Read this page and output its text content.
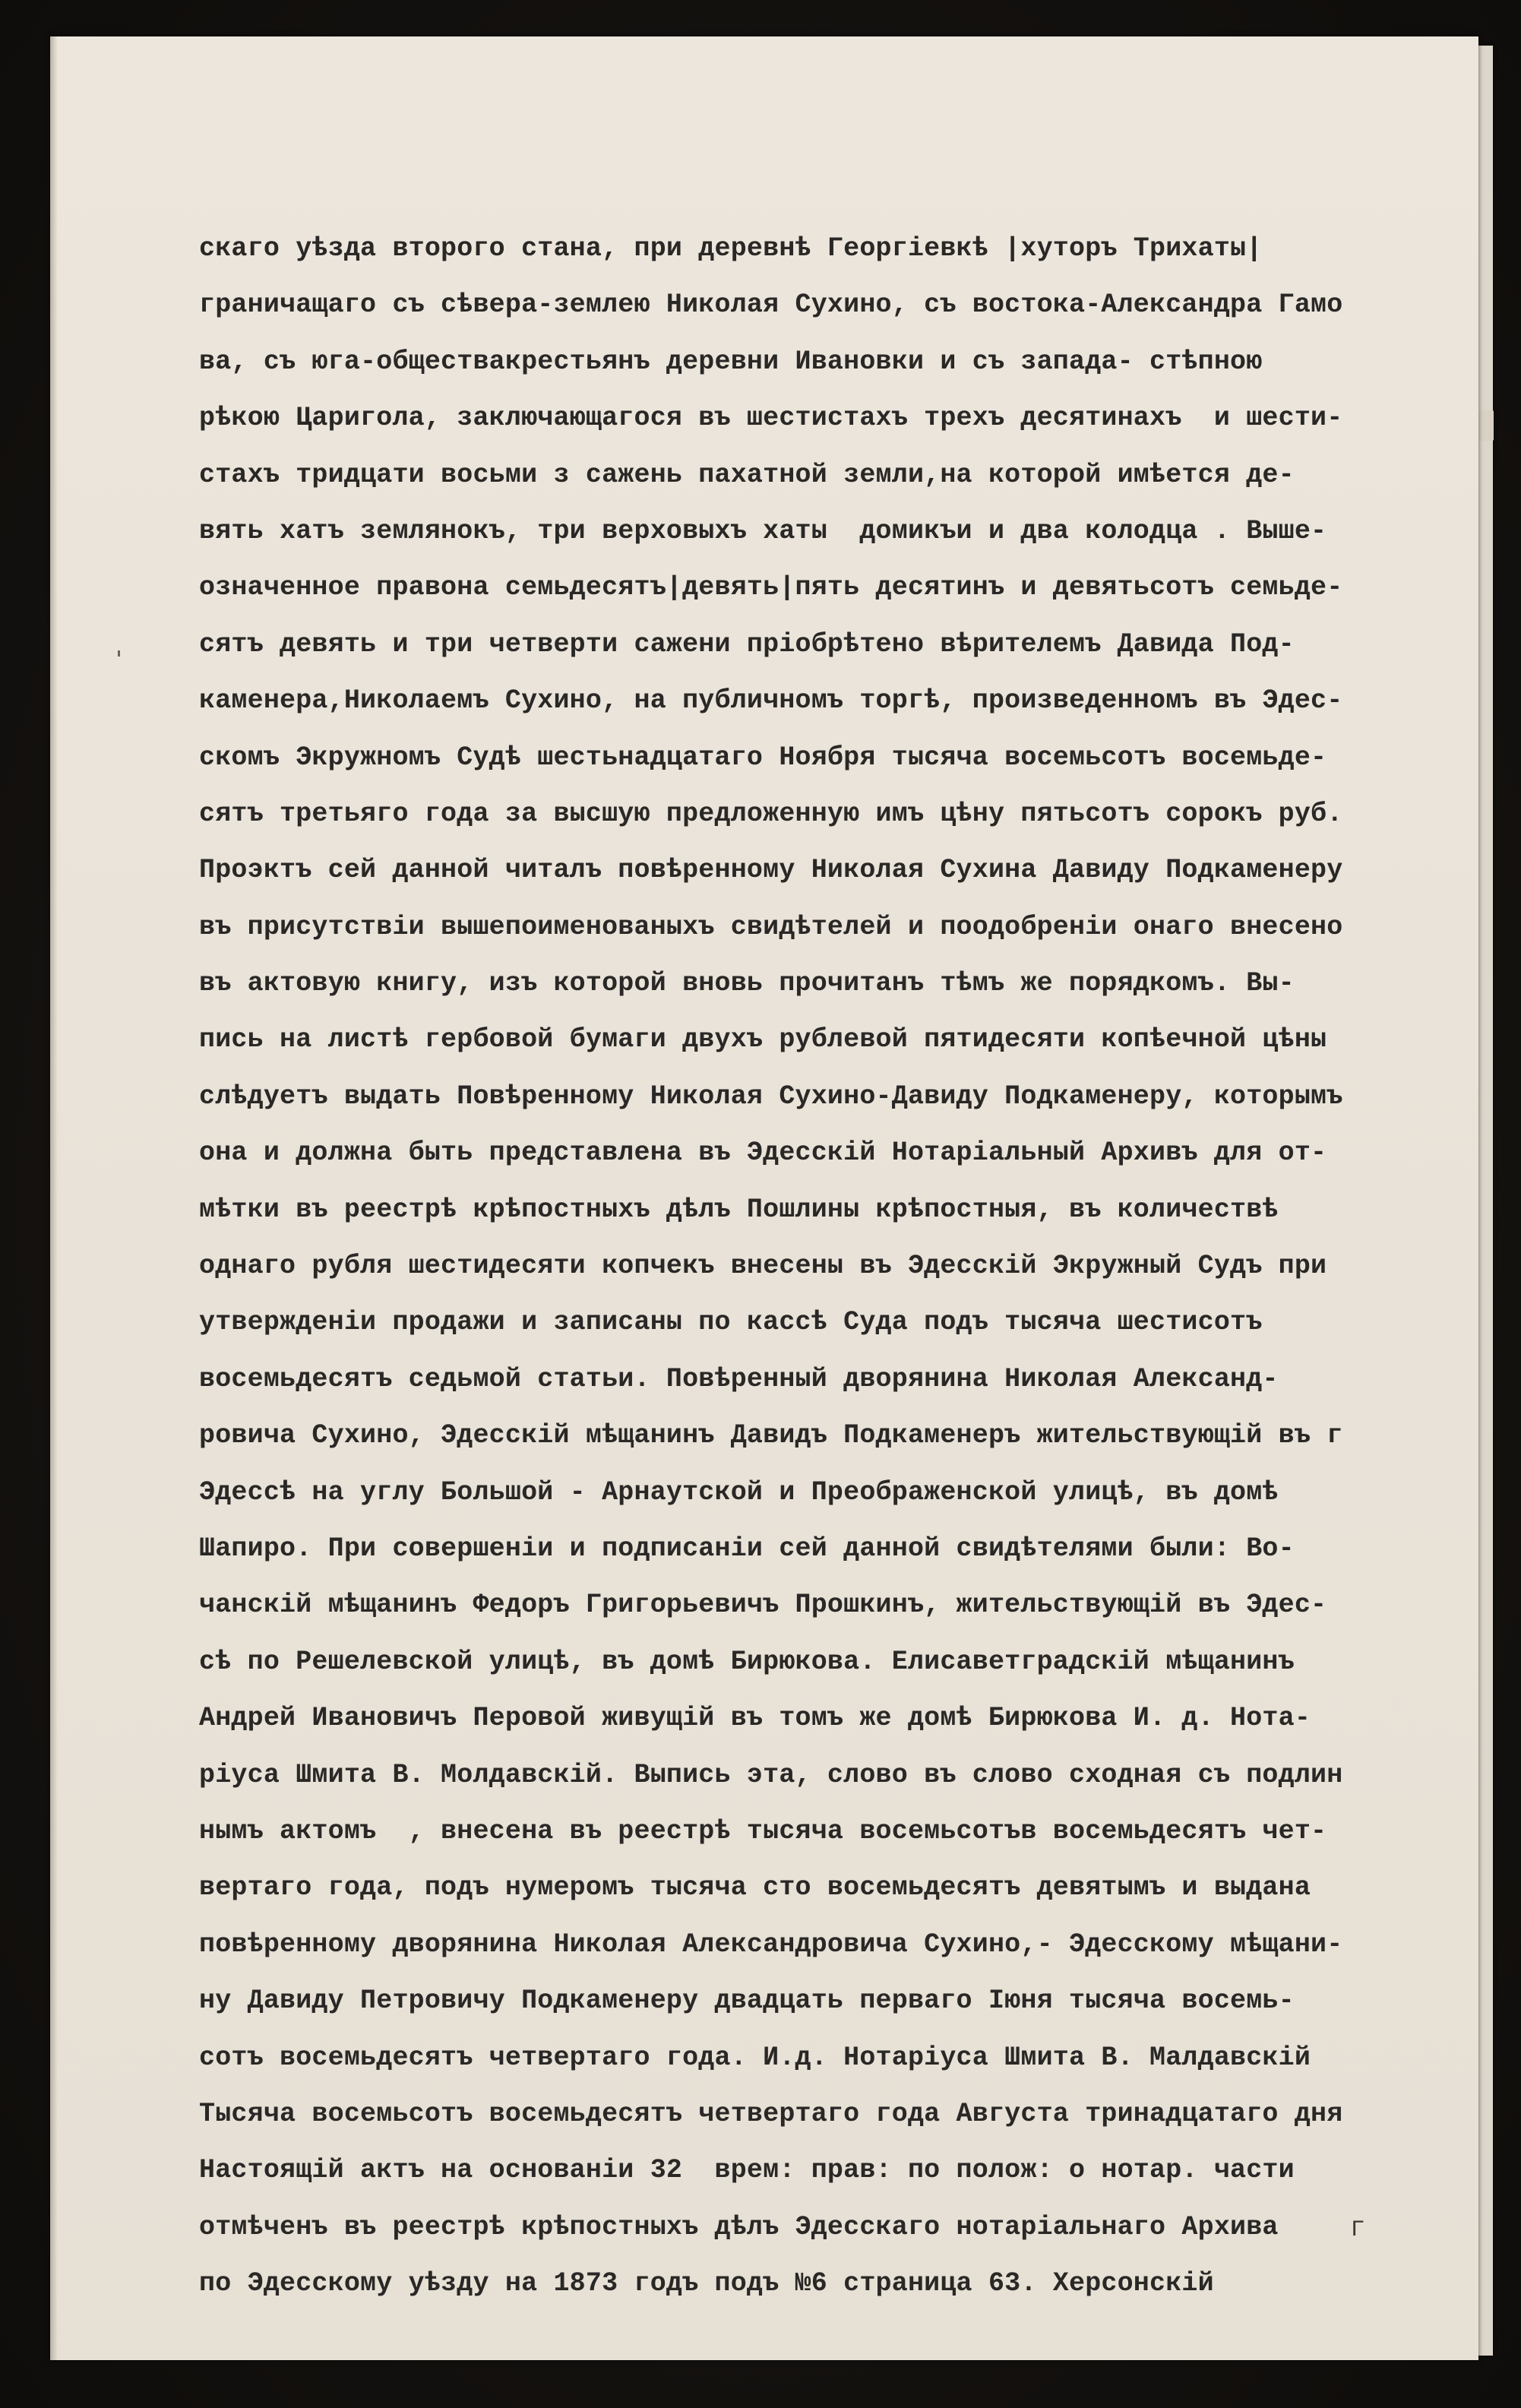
скаго уѣзда второго стана, при деревнѣ Георгіевкѣ |хуторъ Трихаты|
граничащаго съ сѣвера-землею Николая Сухино, съ востока-Александра Гамо
ва, съ юга-обществакрестьянъ деревни Ивановки и съ запада- стѣпною
рѣкою Царигола, заключающагося въ шестистахъ трехъ десятинахъ  и шести-
стахъ тридцати восьми з сажень пахатной земли,на которой имѣется де-
вять хатъ землянокъ, три верховыхъ хаты  домикъи и два колодца . Выше-
означенное правона семьдесятъ|девять|пять десятинъ и девятьсотъ семьде-
сятъ девять и три четверти сажени пріобрѣтено вѣрителемъ Давида Под-
каменера,Николаемъ Сухино, на публичномъ торгѣ, произведенномъ въ Эдес-
скомъ Экружномъ Судѣ шестьнадцатаго Ноября тысяча восемьсотъ восемьде-
сятъ третьяго года за высшую предложенную имъ цѣну пятьсотъ сорокъ руб.
Проэктъ сей данной читалъ повѣренному Николая Сухина Давиду Подкаменеру
въ присутствіи вышепоименованыхъ свидѣтелей и поодобреніи онаго внесено
въ актовую книгу, изъ которой вновь прочитанъ тѣмъ же порядкомъ. Вы-
пись на листѣ гербовой бумаги двухъ рублевой пятидесяти копѣечной цѣны
слѣдуетъ выдать Повѣренному Николая Сухино-Давиду Подкаменеру, которымъ
она и должна быть представлена въ Эдесскій Нотаріальный Архивъ для от-
мѣтки въ реестрѣ крѣпостныхъ дѣлъ Пошлины крѣпостныя, въ количествѣ
однаго рубля шестидесяти копчекъ внесены въ Эдесскій Экружный Судъ при
утвержденіи продажи и записаны по кассѣ Суда подъ тысяча шестисотъ
восемьдесятъ седьмой статьи. Повѣренный дворянина Николая Александ-
ровича Сухино, Эдесскій мѣщанинъ Давидъ Подкаменеръ жительствующій въ г
Эдессѣ на углу Большой - Арнаутской и Преображенской улицѣ, въ домѣ
Шапиро. При совершеніи и подписаніи сей данной свидѣтелями были: Во-
чанскій мѣщанинъ Федоръ Григорьевичъ Прошкинъ, жительствующій въ Эдес-
сѣ по Решелевской улицѣ, въ домѣ Бирюкова. Елисаветградскій мѣщанинъ
Андрей Ивановичъ Перовой живущій въ томъ же домѣ Бирюкова И. д. Нота-
ріуса Шмита В. Молдавскій. Выпись эта, слово въ слово сходная съ подлин
нымъ актомъ  , внесена въ реестрѣ тысяча восемьсотъв восемьдесятъ чет-
вертаго года, подъ нумеромъ тысяча сто восемьдесятъ девятымъ и выдана
повѣренному дворянина Николая Александровича Сухино,- Эдесскому мѣщани-
ну Давиду Петровичу Подкаменеру двадцать перваго Іюня тысяча восемь-
сотъ восемьдесятъ четвертаго года. И.д. Нотаріуса Шмита В. Малдавскій
Тысяча восемьсотъ восемьдесятъ четвертаго года Августа тринадцатаго дня
Настоящій актъ на основаніи 32  врем: прав: по полож: о нотар. части
отмѣченъ въ реестрѣ крѣпостныхъ дѣлъ Эдесскаго нотаріальнаго Архива
по Эдесскому уѣзду на 1873 годъ подъ №6 страница 63. Херсонскій
Г
